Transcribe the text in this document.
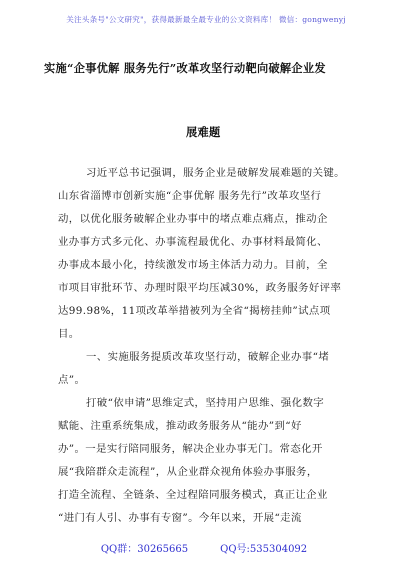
关注头条号"公文研究"，获得最新最全最专业的公文资料库！ 微信：gongwenyj
实施“企事优解 服务先行”改革攻坚行动靶向破解企业发
展难题
习近平总书记强调，服务企业是破解发展难题的关键。
山东省淄博市创新实施“企事优解 服务先行”改革攻坚行
动，以优化服务破解企业办事中的堵点难点痛点，推动企
业办事方式多元化、办事流程最优化、办事材料最简化、
办事成本最小化，持续激发市场主体活力动力。目前，全
市项目审批环节、办理时限平均压减30%，政务服务好评率
达99.98%，11项改革举措被列为全省“揭榜挂帅”试点项
目。
一、实施服务提质改革攻坚行动，破解企业办事“堵
点”。
打破“依申请”思维定式，坚持用户思维、强化数字
赋能、注重系统集成，推动政务服务从“能办”到“好
办”。一是实行陪同服务，解决企业办事无门。常态化开
展“我陪群众走流程”，从企业群众视角体验办事服务，
打造全流程、全链条、全过程陪同服务模式，真正让企业
“进门有人引、办事有专窗”。今年以来，开展“走流
QQ群：30265665	QQ号:535304092
